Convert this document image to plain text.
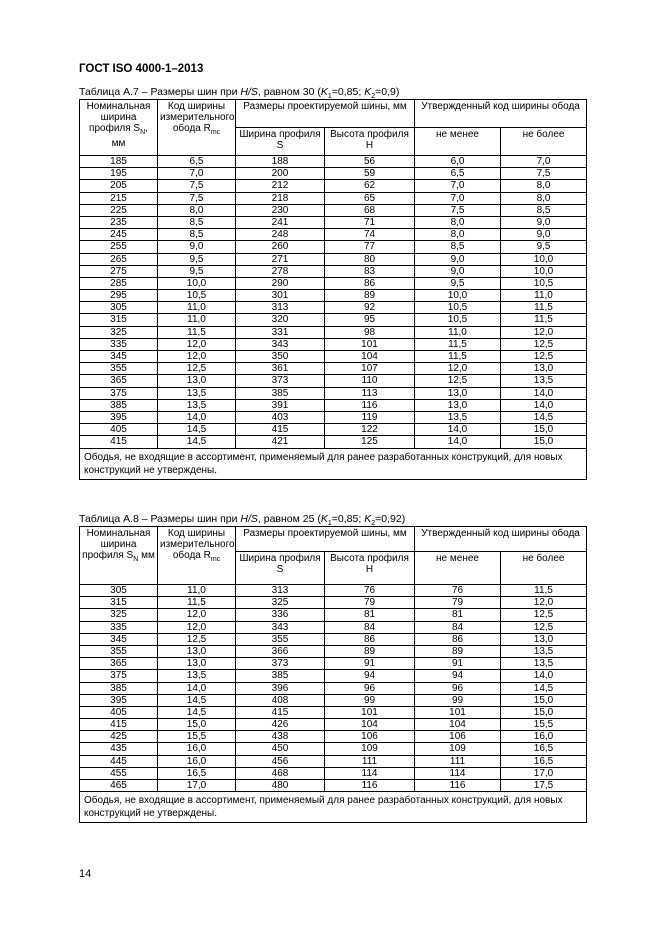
ГОСТ ISO 4000-1–2013
Таблица А.7 – Размеры шин при H/S, равном 30 ($K_1=0,85$; $K_2=0,9$)
Номинальная ширина профиля $S_N$, мм	Код ширины измерительного обода $R_{mc}$	Размеры проектируемой шины, мм		Утвержденный код ширины обода	
		Ширина профиля S	Высота профиля H	не менее	не более
185	6,5	188	56	6,0	7,0
195	7,0	200	59	6,5	7,5
205	7,5	212	62	7,0	8,0
215	7,5	218	65	7,0	8,0
225	8,0	230	68	7,5	8,5
235	8,5	241	71	8,0	9,0
245	8,5	248	74	8,0	9,0
255	9,0	260	77	8,5	9,5
265	9,5	271	80	9,0	10,0
275	9,5	278	83	9,0	10,0
285	10,0	290	86	9,5	10,5
295	10,5	301	89	10,0	11,0
305	11,0	313	92	10,5	11,5
315	11,0	320	95	10,5	11,5
325	11,5	331	98	11,0	12,0
335	12,0	343	101	11,5	12,5
345	12,0	350	104	11,5	12,5
355	12,5	361	107	12,0	13,0
365	13,0	373	110	12,5	13,5
375	13,5	385	113	13,0	14,0
385	13,5	391	116	13,0	14,0
395	14,0	403	119	13,5	14,5
405	14,5	415	122	14,0	15,0
415	14,5	421	125	14,0	15,0
Ободья, не входящие в ассортимент, применяемый для ранее разработанных конструкций, для новых конструкций не утверждены.					
Таблица А.8 – Размеры шин при H/S, равном 25 ($K_1=0,85$; $K_2=0,92$)
Номинальная ширина профиля $S_N$ мм	Код ширины измерительного обода $R_{mc}$	Размеры проектируемой шины, мм		Утвержденный код ширины обода	
		Ширина профиля S	Высота профиля H	не менее	не более
305	11,0	313	76	76	11,5
315	11,5	325	79	79	12,0
325	12,0	336	81	81	12,5
335	12,0	343	84	84	12,5
345	12,5	355	86	86	13,0
355	13,0	366	89	89	13,5
365	13,0	373	91	91	13,5
375	13,5	385	94	94	14,0
385	14,0	396	96	96	14,5
395	14,5	408	99	99	15,0
405	14,5	415	101	101	15,0
415	15,0	426	104	104	15,5
425	15,5	438	106	106	16,0
435	16,0	450	109	109	16,5
445	16,0	456	111	111	16,5
455	16,5	468	114	114	17,0
465	17,0	480	116	116	17,5
Ободья, не входящие в ассортимент, применяемый для ранее разработанных конструкций, для новых конструкций не утверждены.					
14
